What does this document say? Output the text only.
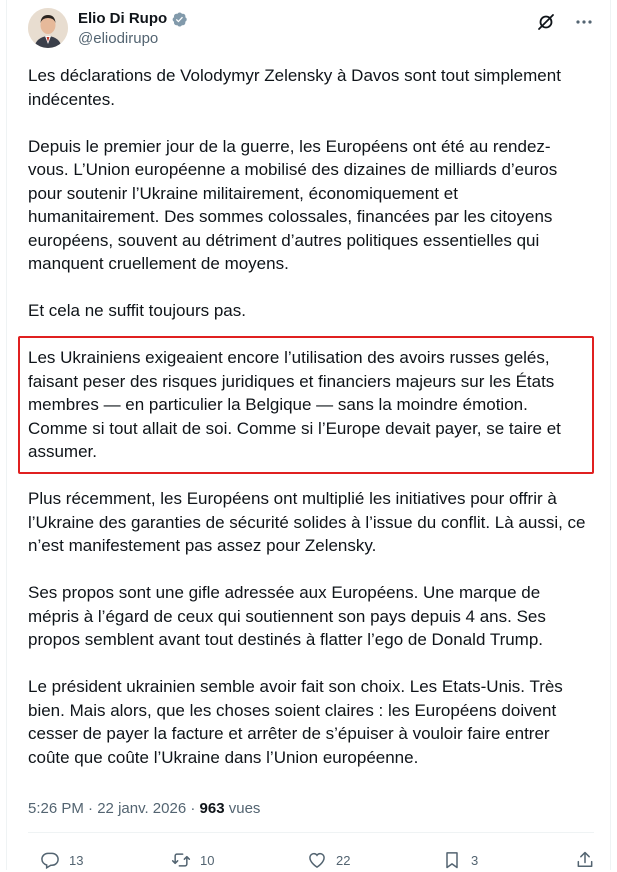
Elio Di Rupo
@eliodirupo

Les déclarations de Volodymyr Zelensky à Davos sont tout simplement indécentes.

Depuis le premier jour de la guerre, les Européens ont été au rendez-vous. L’Union européenne a mobilisé des dizaines de milliards d’euros pour soutenir l’Ukraine militairement, économiquement et humanitairement. Des sommes colossales, financées par les citoyens européens, souvent au détriment d’autres politiques essentielles qui manquent cruellement de moyens.

Et cela ne suffit toujours pas.

Les Ukrainiens exigeaient encore l’utilisation des avoirs russes gelés, faisant peser des risques juridiques et financiers majeurs sur les États membres — en particulier la Belgique — sans la moindre émotion. Comme si tout allait de soi. Comme si l’Europe devait payer, se taire et assumer.

Plus récemment, les Européens ont multiplié les initiatives pour offrir à l’Ukraine des garanties de sécurité solides à l’issue du conflit. Là aussi, ce n’est manifestement pas assez pour Zelensky.

Ses propos sont une gifle adressée aux Européens. Une marque de mépris à l’égard de ceux qui soutiennent son pays depuis 4 ans. Ses propos semblent avant tout destinés à flatter l’ego de Donald Trump.

Le président ukrainien semble avoir fait son choix. Les Etats-Unis. Très bien. Mais alors, que les choses soient claires : les Européens doivent cesser de payer la facture et arrêter de s’épuiser à vouloir faire entrer coûte que coûte l’Ukraine dans l’Union européenne.

5:26 PM · 22 janv. 2026 · 963 vues
13	10	22	3
